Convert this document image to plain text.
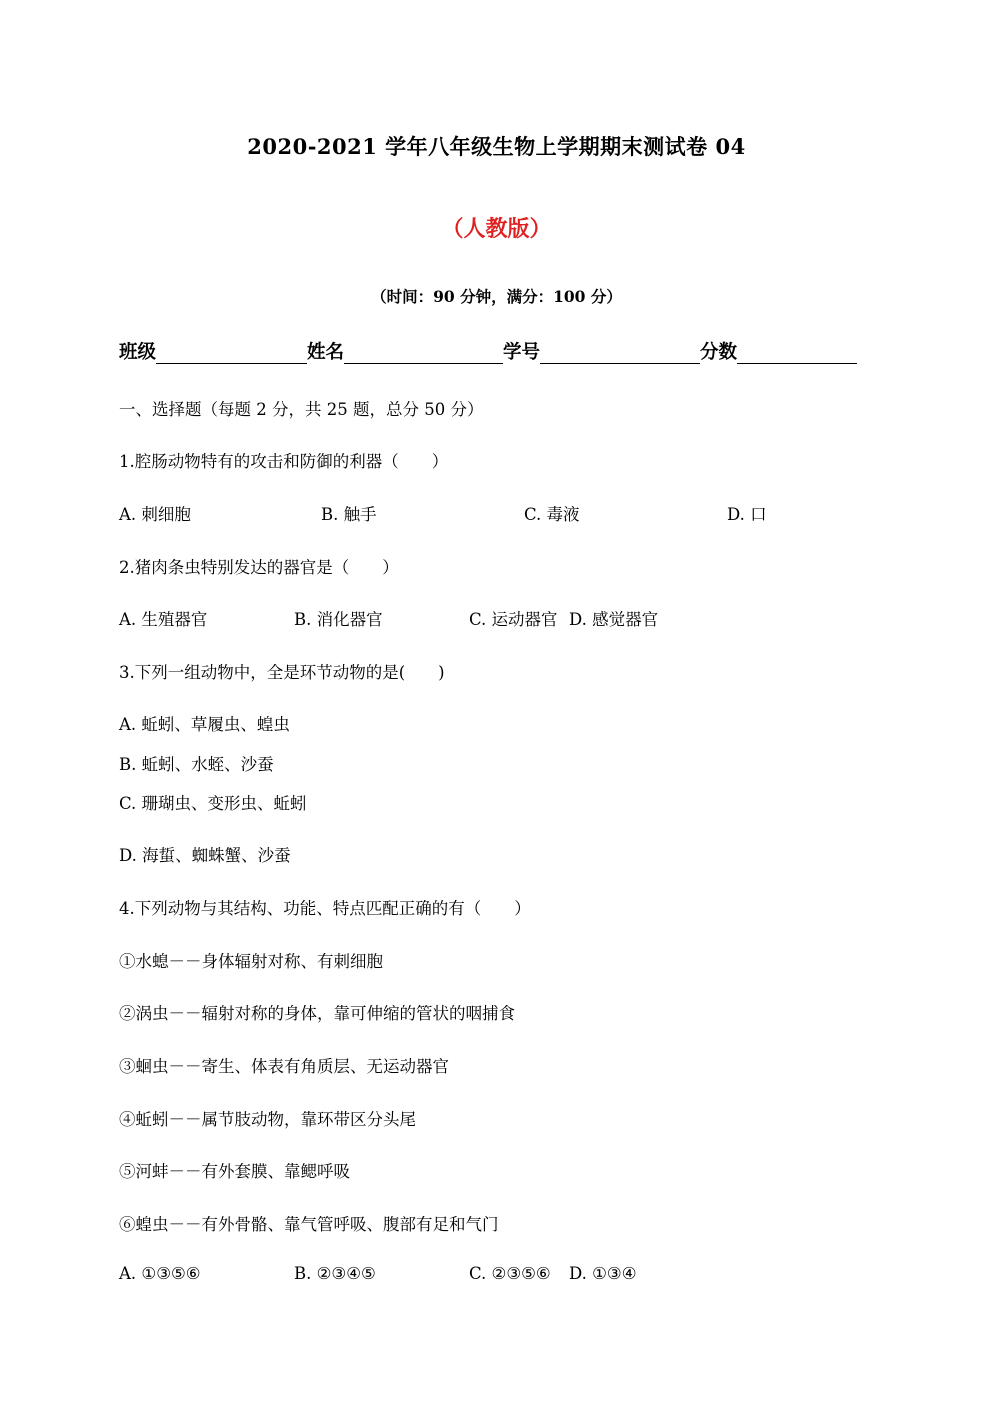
2020-2021 学年八年级生物上学期期末测试卷 04
（人教版）
（时间：90 分钟，满分：100 分）
班级	姓名	学号	分数
一、选择题（每题 2 分，共 25 题，总分 50 分）
1.腔肠动物特有的攻击和防御的利器（　　）
A. 刺细胞	B. 触手	C. 毒液	D. 口
2.猪肉条虫特别发达的器官是（　　）
A. 生殖器官	B. 消化器官	C. 运动器官 D. 感觉器官
3.下列一组动物中，全是环节动物的是(　　)
A. 蚯蚓、草履虫、蝗虫
B. 蚯蚓、水蛭、沙蚕
C. 珊瑚虫、变形虫、蚯蚓
D. 海蜇、蜘蛛蟹、沙蚕
4.下列动物与其结构、功能、特点匹配正确的有（　　）
①水螅－－身体辐射对称、有刺细胞
②涡虫－－辐射对称的身体，靠可伸缩的管状的咽捕食
③蛔虫－－寄生、体表有角质层、无运动器官
④蚯蚓－－属节肢动物，靠环带区分头尾
⑤河蚌－－有外套膜、靠鳃呼吸
⑥蝗虫－－有外骨骼、靠气管呼吸、腹部有足和气门
A. ①③⑤⑥	B. ②③④⑤	C. ②③⑤⑥ D. ①③④
